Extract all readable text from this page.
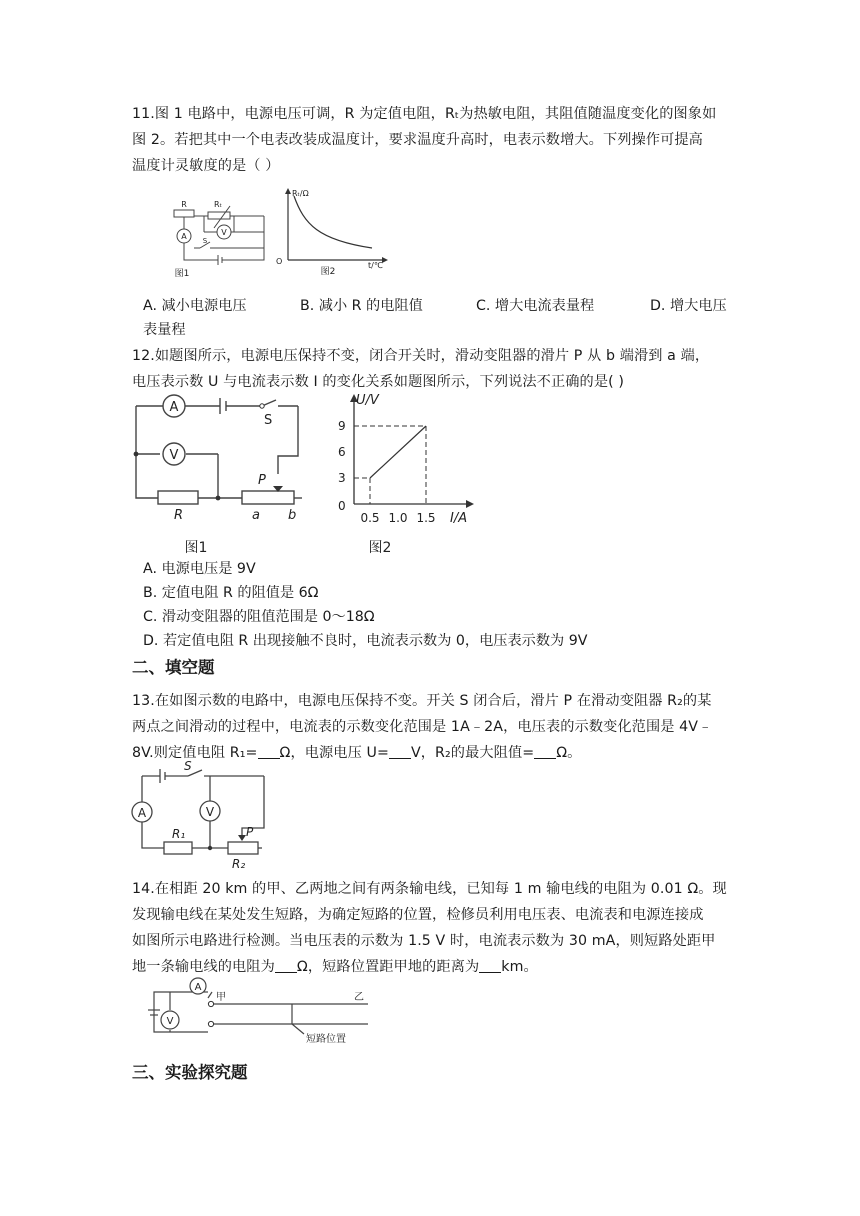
11.图 1 电路中，电源电压可调，R 为定值电阻，Rₜ为热敏电阻，其阻值随温度变化的图象如
图 2。若把其中一个电表改装成温度计，要求温度升高时，电表示数增大。下列操作可提高
温度计灵敏度的是（ ）
A	V
R	Rₜ
S
图1
Rₜ/Ω
O	t/℃
图2
A. 减小电源电压	B. 减小 R 的电阻值	C. 增大电流表量程	D. 增大电压
表量程
12.如题图所示，电源电压保持不变，闭合开关时，滑动变阻器的滑片 P 从 b 端滑到 a 端，
电压表示数 U 与电流表示数 I 的变化关系如题图所示，下列说法不正确的是( )
A
V
S
P
R	a b
图1
U/V
9
6
3
0
0.5 1.0 1.5 I/A
图2
A. 电源电压是 9V
B. 定值电阻 R 的阻值是 6Ω
C. 滑动变阻器的阻值范围是 0～18Ω
D. 若定值电阻 R 出现接触不良时，电流表示数为 0，电压表示数为 9V
二、填空题
13.在如图示数的电路中，电源电压保持不变。开关 S 闭合后，滑片 P 在滑动变阻器 R₂的某
两点之间滑动的过程中，电流表的示数变化范围是 1A﹣2A，电压表的示数变化范围是 4V﹣
8V.则定值电阻 R₁= Ω，电源电压 U= V，R₂的最大阻值= Ω。
A	V
S
R₁	P
R₂
14.在相距 20 km 的甲、乙两地之间有两条输电线，已知每 1 m 输电线的电阻为 0.01 Ω。现
发现输电线在某处发生短路，为确定短路的位置，检修员利用电压表、电流表和电源连接成
如图所示电路进行检测。当电压表的示数为 1.5 V 时，电流表示数为 30 mA，则短路处距甲
地一条输电线的电阻为 Ω，短路位置距甲地的距离为 km。
V
A
甲	乙
短路位置
三、实验探究题
